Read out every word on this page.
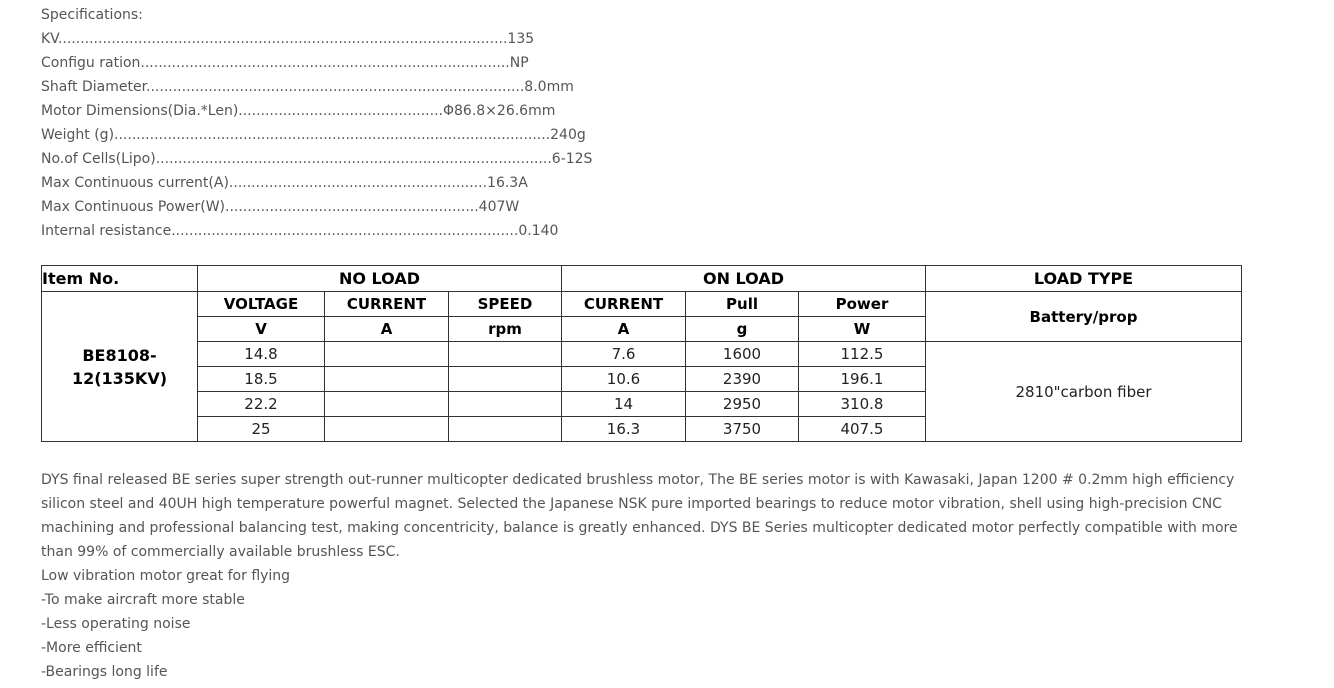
Specifications:
KV.....................................................................................................135
Configu ration...................................................................................NP
Shaft Diameter.....................................................................................8.0mm
Motor Dimensions(Dia.*Len)..............................................Φ86.8×26.6mm
Weight (g)..................................................................................................240g
No.of Cells(Lipo).........................................................................................6-12S
Max Continuous current(A)..........................................................16.3A
Max Continuous Power(W).........................................................407W
Internal resistance..............................................................................0.140
Item No.	NO LOAD			ON LOAD			LOAD TYPE

BE8108-
12(135KV)	VOLTAGE	CURRENT	SPEED	CURRENT	Pull	Power	Battery/prop
	V	A	rpm	A	g	W	
	14.8			7.6	1600	112.5	2810"carbon fiber
	18.5			10.6	2390	196.1	
	22.2			14	2950	310.8	
	25			16.3	3750	407.5	
DYS final released BE series super strength out-runner multicopter dedicated brushless motor, The BE series motor is with Kawasaki, Japan 1200 # 0.2mm high efficiency silicon steel and 40UH high temperature powerful magnet. Selected the Japanese NSK pure imported bearings to reduce motor vibration, shell using high-precision CNC machining and professional balancing test, making concentricity, balance is greatly enhanced. DYS BE Series multicopter dedicated motor perfectly compatible with more than 99% of commercially available brushless ESC.
Low vibration motor great for flying
-To make aircraft more stable
-Less operating noise
-More efficient
-Bearings long life
